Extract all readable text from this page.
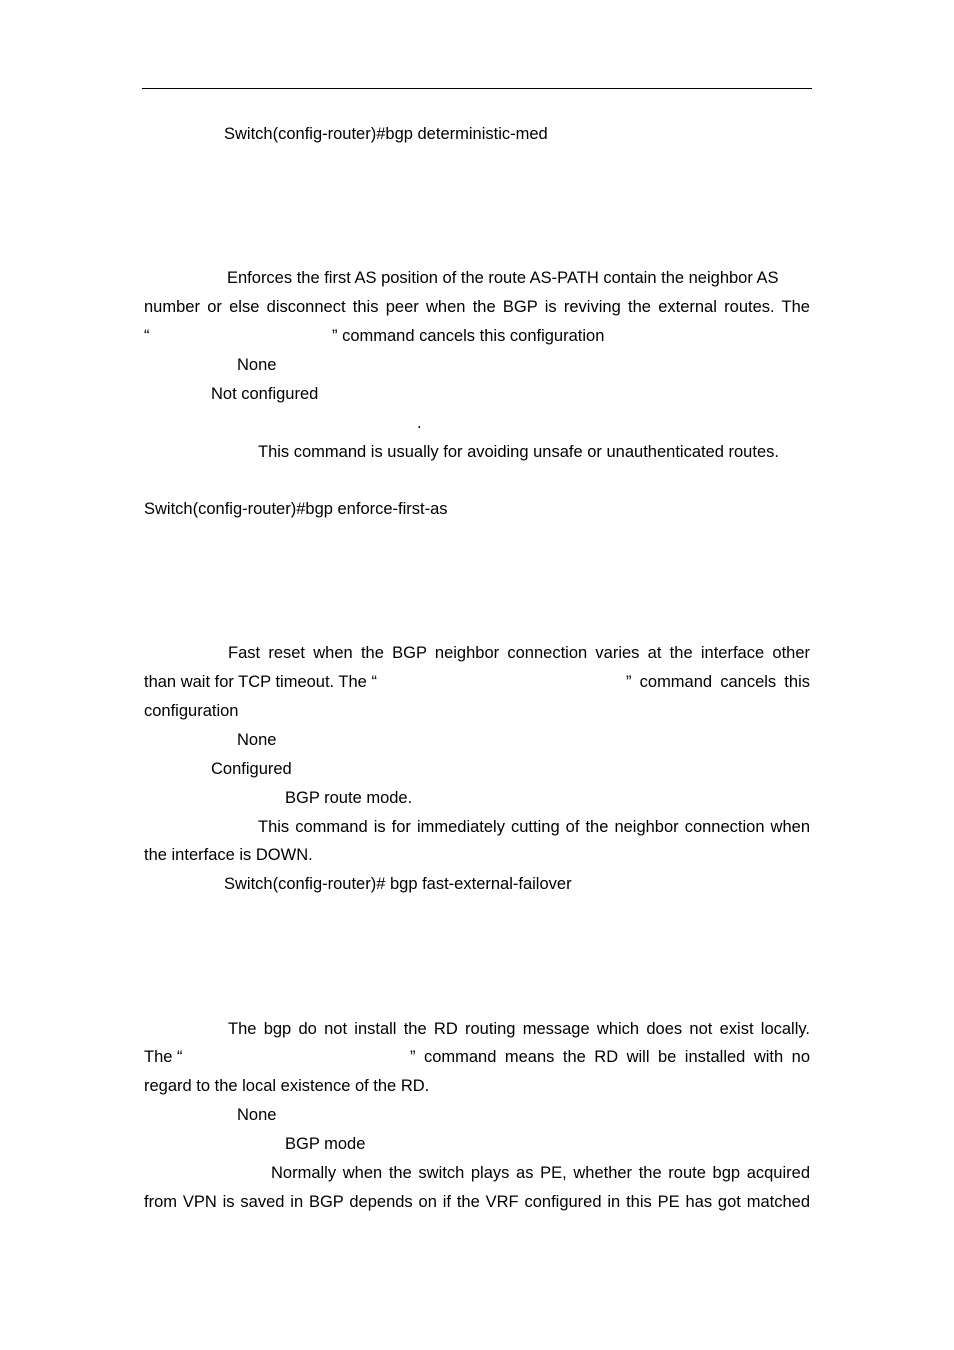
Switch(config-router)#bgp deterministic-med
Enforces the first AS position of the route AS-PATH contain the neighbor AS
number or else disconnect this peer when the BGP is reviving the external routes. The
“	” command cancels this configuration
None
Not configured
.
This command is usually for avoiding unsafe or unauthenticated routes.
Switch(config-router)#bgp enforce-first-as
Fast reset when the BGP neighbor connection varies at the interface other
than wait for TCP timeout. The “	” command cancels this
configuration
None
Configured
BGP route mode.
This command is for immediately cutting of the neighbor connection when
the interface is DOWN.
Switch(config-router)# bgp fast-external-failover
The bgp do not install the RD routing message which does not exist locally.
The “	” command means the RD will be installed with no
regard to the local existence of the RD.
None
BGP mode
Normally when the switch plays as PE, whether the route bgp acquired
from VPN is saved in BGP depends on if the VRF configured in this PE has got matched
